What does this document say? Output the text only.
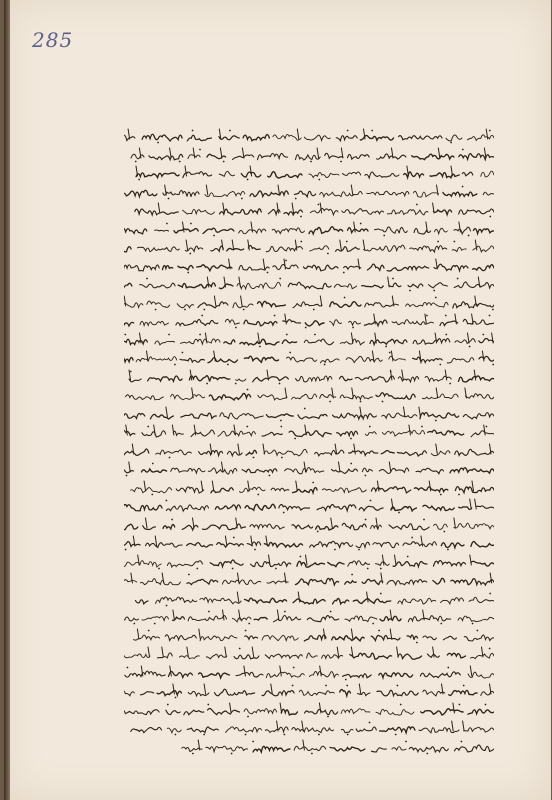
285
